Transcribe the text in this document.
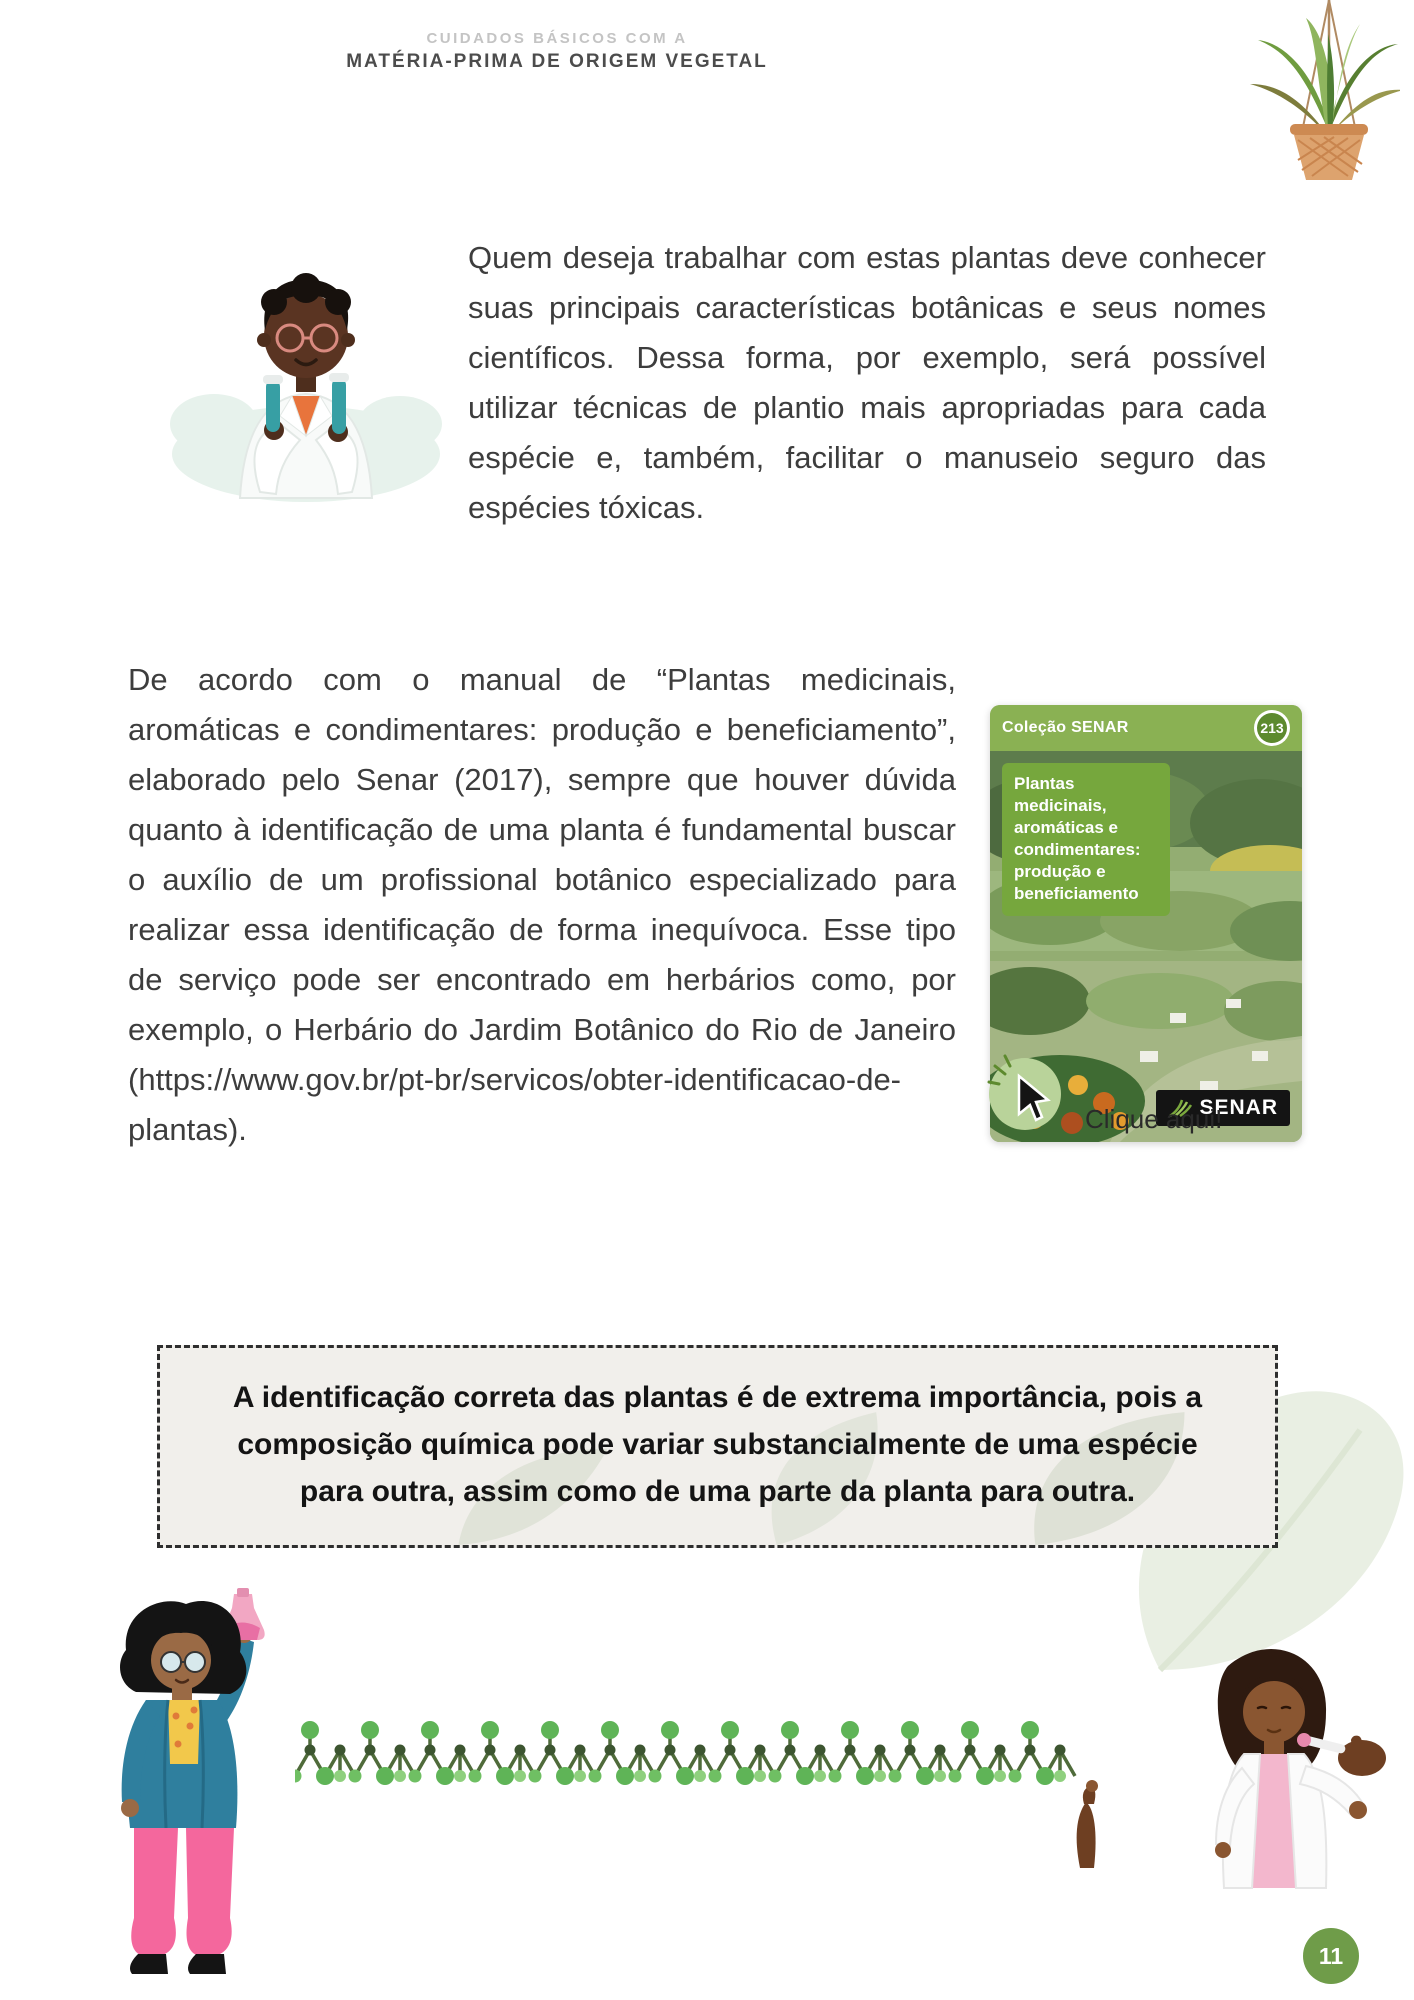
CUIDADOS BÁSICOS COM A
MATÉRIA-PRIMA DE ORIGEM VEGETAL

Quem deseja trabalhar com estas plantas deve conhecer suas principais características botânicas e seus nomes científicos. Dessa forma, por exemplo, será possível utilizar técnicas de plantio mais apropriadas para cada espécie e, também, facilitar o manuseio seguro das espécies tóxicas.

De acordo com o manual de “Plantas medicinais, aromáticas e condimentares: produção e beneficiamento”, elaborado pelo Senar (2017), sempre que houver dúvida quanto à identificação de uma planta é fundamental buscar o auxílio de um profissional botânico especializado para realizar essa identificação de forma inequívoca. Esse tipo de serviço pode ser encontrado em herbários como, por exemplo, o Herbário do Jardim Botânico do Rio de Janeiro (https://www.gov.br/pt-br/servicos/obter-identificacao-de-plantas).

Coleção SENAR	213
Plantas medicinais, aromáticas e condimentares: produção e beneficiamento
SENAR
Clique aqui!

A identificação correta das plantas é de extrema importância, pois a composição química pode variar substancialmente de uma espécie para outra, assim como de uma parte da planta para outra.

11
